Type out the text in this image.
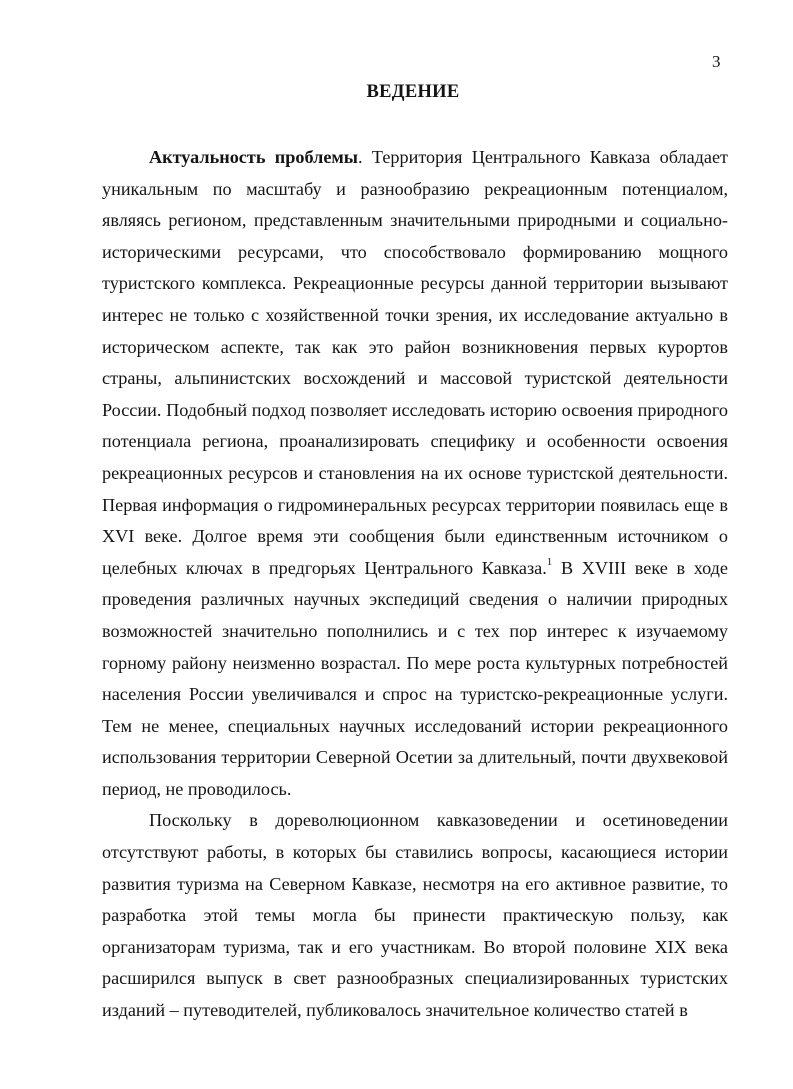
3
ВЕДЕНИЕ

Актуальность проблемы. Территория Центрального Кавказа обладает уникальным по масштабу и разнообразию рекреационным потенциалом, являясь регионом, представленным значительными природными и социально-историческими ресурсами, что способствовало формированию мощного туристского комплекса. Рекреационные ресурсы данной территории вызывают интерес не только с хозяйственной точки зрения, их исследование актуально в историческом аспекте, так как это район возникновения первых курортов страны, альпинистских восхождений и массовой туристской деятельности России. Подобный подход позволяет исследовать историю освоения природного потенциала региона, проанализировать специфику и особенности освоения рекреационных ресурсов и становления на их основе туристской деятельности. Первая информация о гидроминеральных ресурсах территории появилась еще в XVI веке. Долгое время эти сообщения были единственным источником о целебных ключах в предгорьях Центрального Кавказа.$^1$ В XVIII веке в ходе проведения различных научных экспедиций сведения о наличии природных возможностей значительно пополнились и с тех пор интерес к изучаемому горному району неизменно возрастал. По мере роста культурных потребностей населения России увеличивался и спрос на туристско-рекреационные услуги. Тем не менее, специальных научных исследований истории рекреационного использования территории Северной Осетии за длительный, почти двухвековой период, не проводилось.

Поскольку в дореволюционном кавказоведении и осетиноведении отсутствуют работы, в которых бы ставились вопросы, касающиеся истории развития туризма на Северном Кавказе, несмотря на его активное развитие, то разработка этой темы могла бы принести практическую пользу, как организаторам туризма, так и его участникам. Во второй половине XIX века расширился выпуск в свет разнообразных специализированных туристских изданий – путеводителей, публиковалось значительное количество статей в
